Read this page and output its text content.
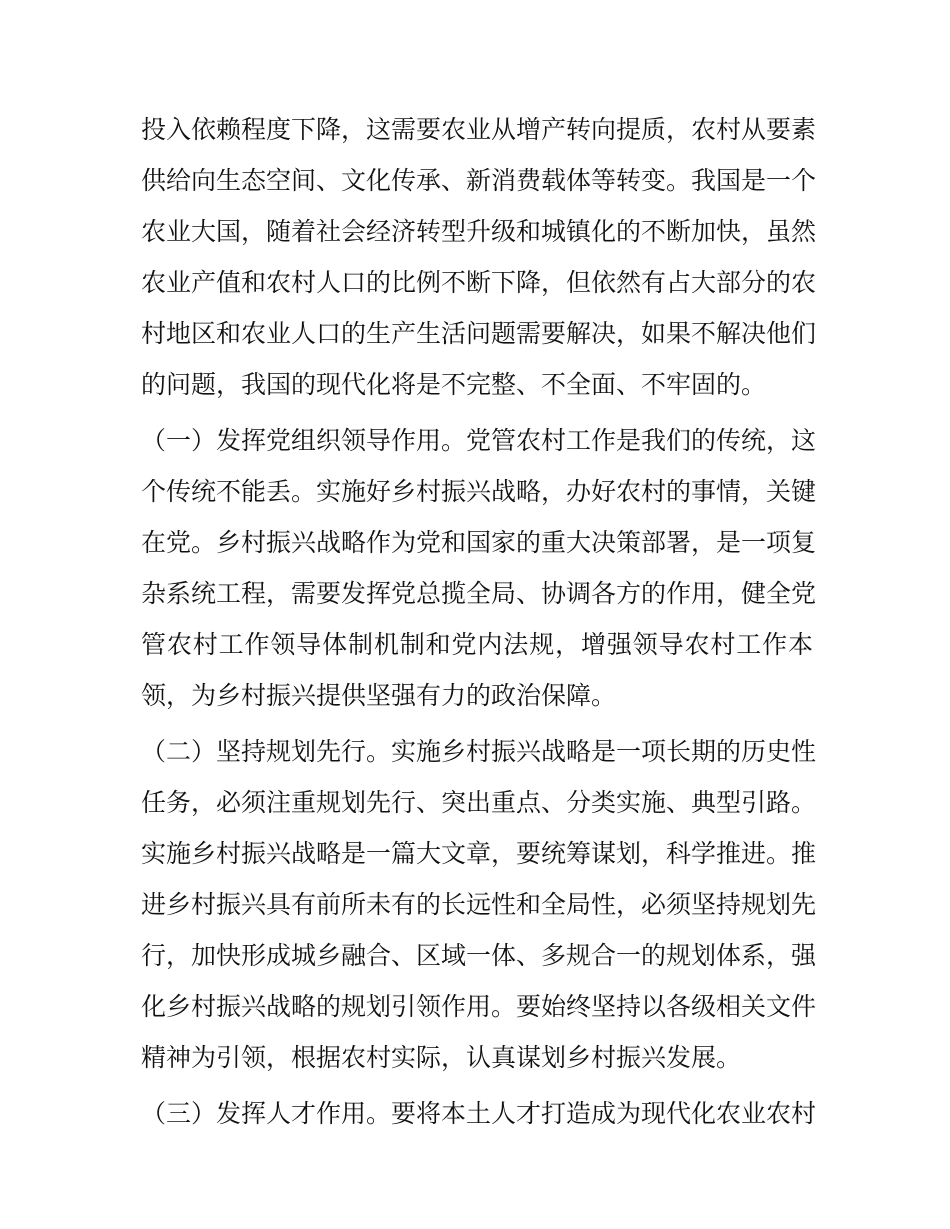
投入依赖程度下降，这需要农业从增产转向提质，农村从要素
供给向生态空间、文化传承、新消费载体等转变。我国是一个
农业大国，随着社会经济转型升级和城镇化的不断加快，虽然
农业产值和农村人口的比例不断下降，但依然有占大部分的农
村地区和农业人口的生产生活问题需要解决，如果不解决他们
的问题，我国的现代化将是不完整、不全面、不牢固的。
（一）发挥党组织领导作用。党管农村工作是我们的传统，这
个传统不能丢。实施好乡村振兴战略，办好农村的事情，关键
在党。乡村振兴战略作为党和国家的重大决策部署，是一项复
杂系统工程，需要发挥党总揽全局、协调各方的作用，健全党
管农村工作领导体制机制和党内法规，增强领导农村工作本
领，为乡村振兴提供坚强有力的政治保障。
（二）坚持规划先行。实施乡村振兴战略是一项长期的历史性
任务，必须注重规划先行、突出重点、分类实施、典型引路。
实施乡村振兴战略是一篇大文章，要统筹谋划，科学推进。推
进乡村振兴具有前所未有的长远性和全局性，必须坚持规划先
行，加快形成城乡融合、区域一体、多规合一的规划体系，强
化乡村振兴战略的规划引领作用。要始终坚持以各级相关文件
精神为引领，根据农村实际，认真谋划乡村振兴发展。
（三）发挥人才作用。要将本土人才打造成为现代化农业农村
